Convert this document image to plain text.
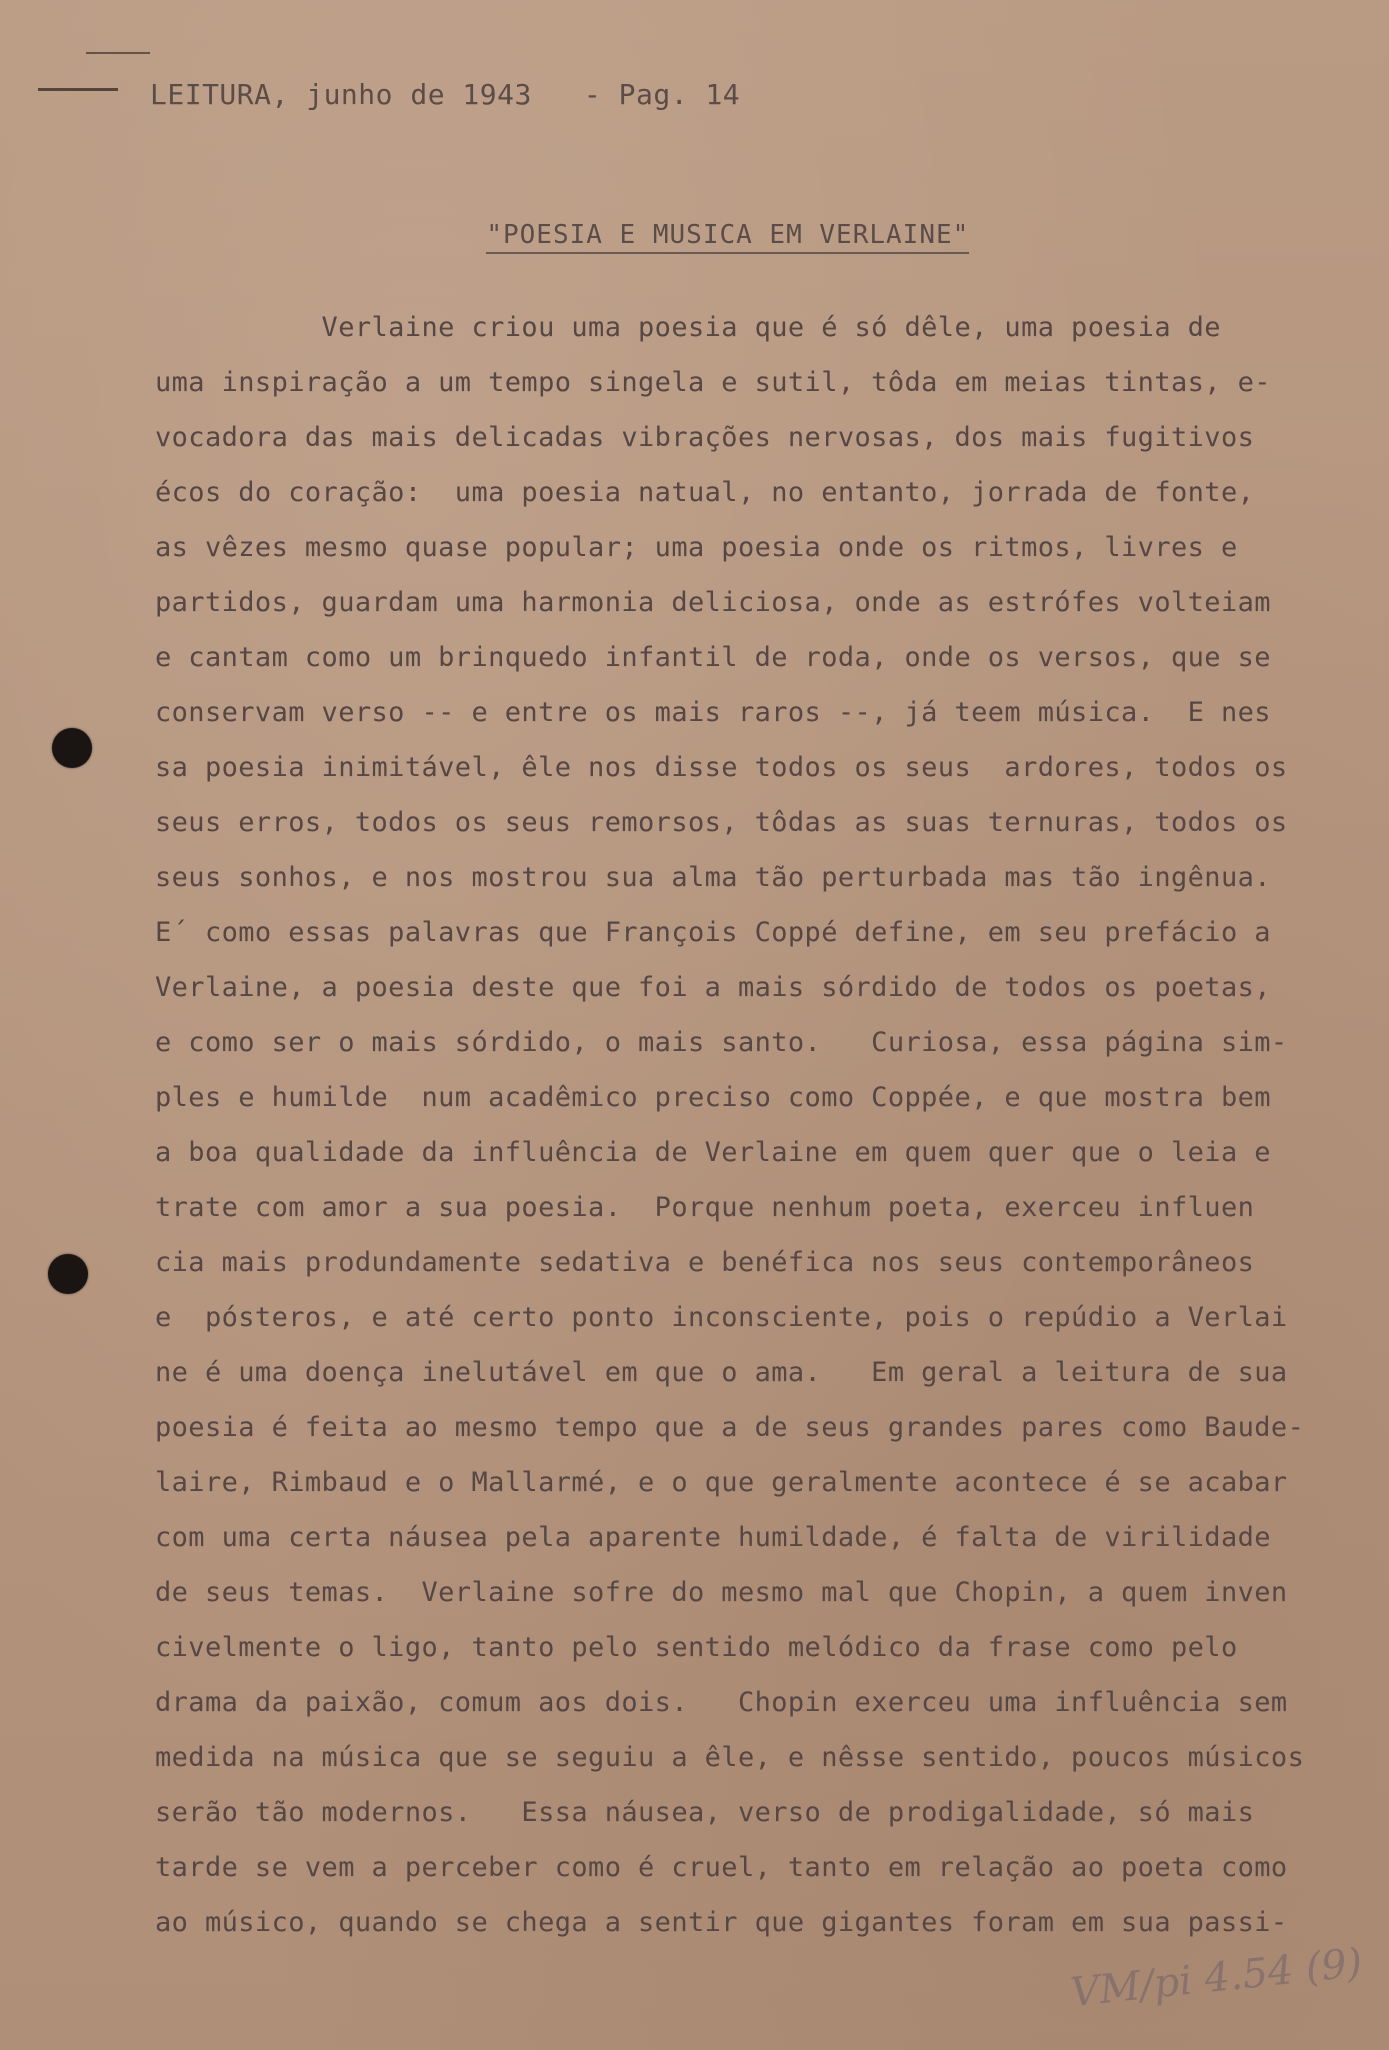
LEITURA, junho de 1943   - Pag. 14

"POESIA E MUSICA EM VERLAINE"

Verlaine criou uma poesia que é só dêle, uma poesia de
uma inspiração a um tempo singela e sutil, tôda em meias tintas, e-
vocadora das mais delicadas vibrações nervosas, dos mais fugitivos
écos do coração:  uma poesia natual, no entanto, jorrada de fonte,
as vêzes mesmo quase popular; uma poesia onde os ritmos, livres e
partidos, guardam uma harmonia deliciosa, onde as estrófes volteiam
e cantam como um brinquedo infantil de roda, onde os versos, que se
conservam verso -- e entre os mais raros --, já teem música.  E nes
sa poesia inimitável, êle nos disse todos os seus  ardores, todos os
seus erros, todos os seus remorsos, tôdas as suas ternuras, todos os
seus sonhos, e nos mostrou sua alma tão perturbada mas tão ingênua.
E´ como essas palavras que François Coppé define, em seu prefácio a
Verlaine, a poesia deste que foi a mais sórdido de todos os poetas,
e como ser o mais sórdido, o mais santo.   Curiosa, essa página sim-
ples e humilde  num acadêmico preciso como Coppée, e que mostra bem
a boa qualidade da influência de Verlaine em quem quer que o leia e
trate com amor a sua poesia.  Porque nenhum poeta, exerceu influen
cia mais produndamente sedativa e benéfica nos seus contemporâneos
e  pósteros, e até certo ponto inconsciente, pois o repúdio a Verlai
ne é uma doença inelutável em que o ama.   Em geral a leitura de sua
poesia é feita ao mesmo tempo que a de seus grandes pares como Baude-
laire, Rimbaud e o Mallarmé, e o que geralmente acontece é se acabar
com uma certa náusea pela aparente humildade, é falta de virilidade
de seus temas.  Verlaine sofre do mesmo mal que Chopin, a quem inven
civelmente o ligo, tanto pelo sentido melódico da frase como pelo
drama da paixão, comum aos dois.   Chopin exerceu uma influência sem
medida na música que se seguiu a êle, e nêsse sentido, poucos músicos
serão tão modernos.   Essa náusea, verso de prodigalidade, só mais
tarde se vem a perceber como é cruel, tanto em relação ao poeta como
ao músico, quando se chega a sentir que gigantes foram em sua passi-
VM/pi 4.54 (9)
